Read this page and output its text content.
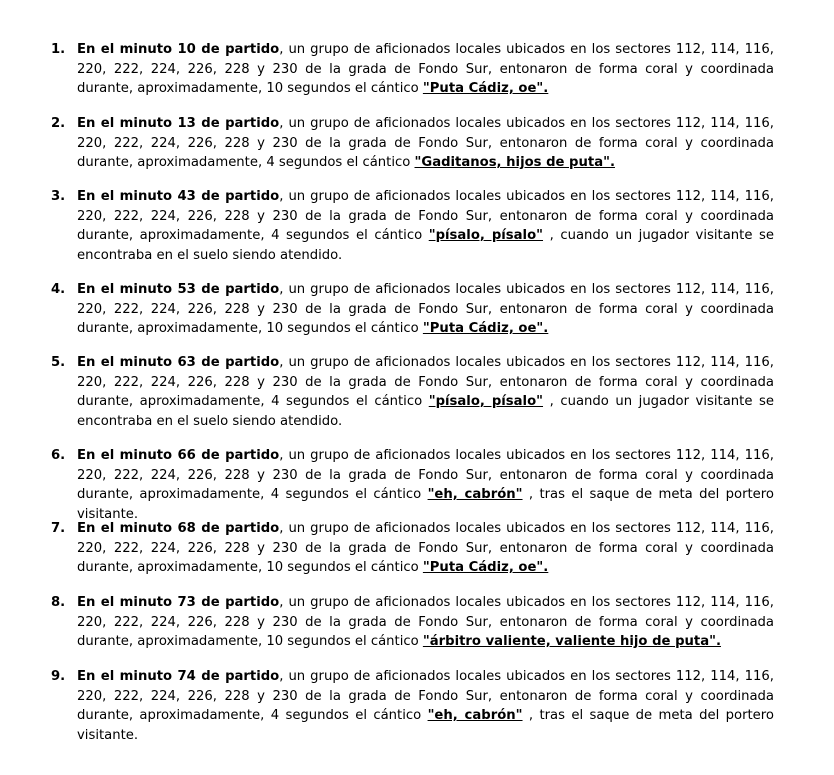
1. En el minuto 10 de partido, un grupo de aficionados locales ubicados en los sectores 112, 114, 116, 220, 222, 224, 226, 228 y 230 de la grada de Fondo Sur, entonaron de forma coral y coordinada durante, aproximadamente, 10 segundos el cántico "Puta Cádiz, oe".
2. En el minuto 13 de partido, un grupo de aficionados locales ubicados en los sectores 112, 114, 116, 220, 222, 224, 226, 228 y 230 de la grada de Fondo Sur, entonaron de forma coral y coordinada durante, aproximadamente, 4 segundos el cántico "Gaditanos, hijos de puta".
3. En el minuto 43 de partido, un grupo de aficionados locales ubicados en los sectores 112, 114, 116, 220, 222, 224, 226, 228 y 230 de la grada de Fondo Sur, entonaron de forma coral y coordinada durante, aproximadamente, 4 segundos el cántico "písalo, písalo" , cuando un jugador visitante se encontraba en el suelo siendo atendido.
4. En el minuto 53 de partido, un grupo de aficionados locales ubicados en los sectores 112, 114, 116, 220, 222, 224, 226, 228 y 230 de la grada de Fondo Sur, entonaron de forma coral y coordinada durante, aproximadamente, 10 segundos el cántico "Puta Cádiz, oe".
5. En el minuto 63 de partido, un grupo de aficionados locales ubicados en los sectores 112, 114, 116, 220, 222, 224, 226, 228 y 230 de la grada de Fondo Sur, entonaron de forma coral y coordinada durante, aproximadamente, 4 segundos el cántico "písalo, písalo" , cuando un jugador visitante se encontraba en el suelo siendo atendido.
6. En el minuto 66 de partido, un grupo de aficionados locales ubicados en los sectores 112, 114, 116, 220, 222, 224, 226, 228 y 230 de la grada de Fondo Sur, entonaron de forma coral y coordinada durante, aproximadamente, 4 segundos el cántico "eh, cabrón" , tras el saque de meta del portero visitante.
7. En el minuto 68 de partido, un grupo de aficionados locales ubicados en los sectores 112, 114, 116, 220, 222, 224, 226, 228 y 230 de la grada de Fondo Sur, entonaron de forma coral y coordinada durante, aproximadamente, 10 segundos el cántico "Puta Cádiz, oe".
8. En el minuto 73 de partido, un grupo de aficionados locales ubicados en los sectores 112, 114, 116, 220, 222, 224, 226, 228 y 230 de la grada de Fondo Sur, entonaron de forma coral y coordinada durante, aproximadamente, 10 segundos el cántico "árbitro valiente, valiente hijo de puta".
9. En el minuto 74 de partido, un grupo de aficionados locales ubicados en los sectores 112, 114, 116, 220, 222, 224, 226, 228 y 230 de la grada de Fondo Sur, entonaron de forma coral y coordinada durante, aproximadamente, 4 segundos el cántico "eh, cabrón" , tras el saque de meta del portero visitante.
